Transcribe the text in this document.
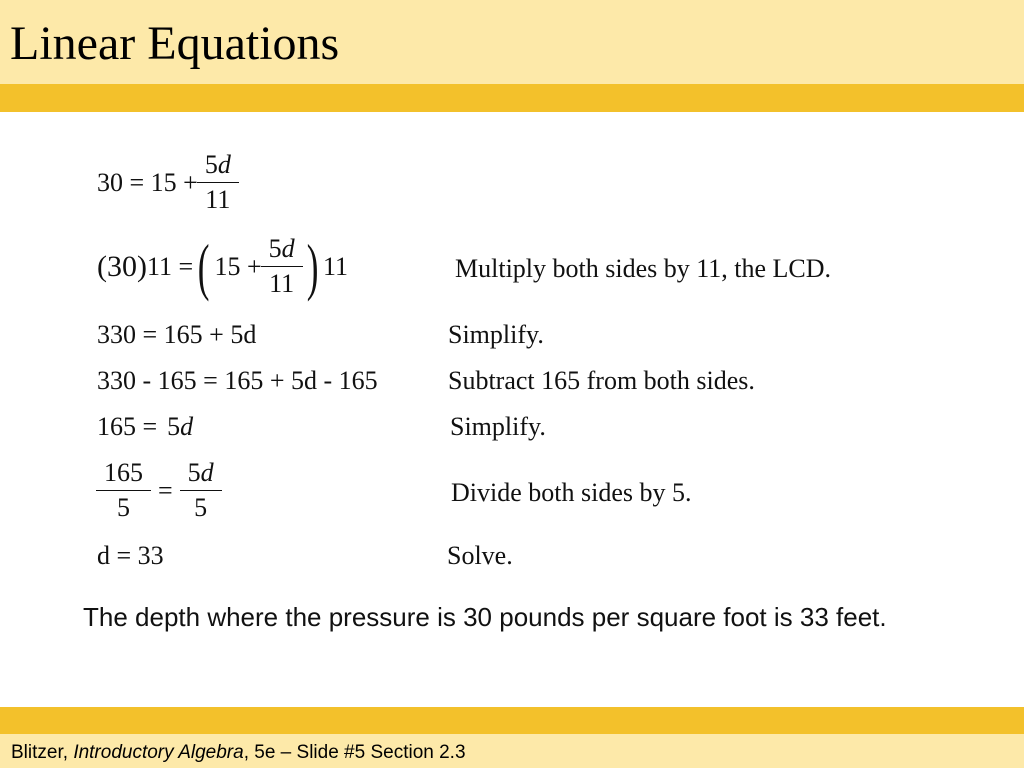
Linear Equations
$30 = 15 + \frac{5d}{11}$
(30) 11 = ( $15 + \frac{5d}{11}$ ) 11	Multiply both sides by 11, the LCD.
330 = 165 + 5d	Simplify.
330 - 165 = 165 + 5d - 165	Subtract 165 from both sides.
165 = 5 d	Simplify.
$\frac{165}{5} = \frac{5d}{5}$	Divide both sides by 5.
d = 33	Solve.
The depth where the pressure is 30 pounds per square foot is 33 feet.
Blitzer, Introductory Algebra, 5e – Slide #5 Section 2.3
